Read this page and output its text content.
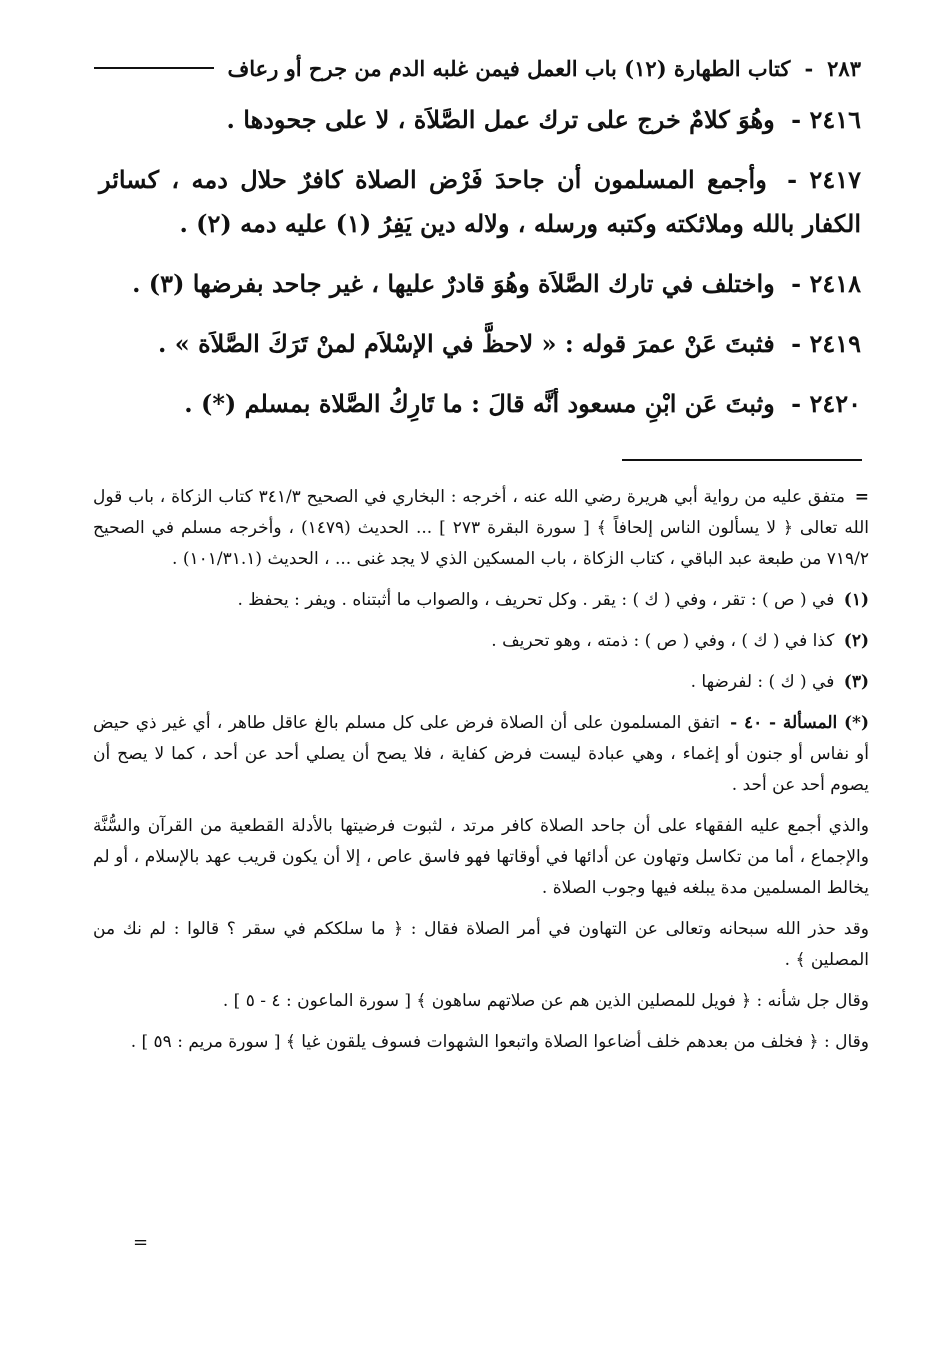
٢٨٣
-
كتاب الطهارة (١٢) باب العمل فيمن غلبه الدم من جرح أو رعاف

٢٤١٦ - وهُوَ كلامٌ خرج على ترك عمل الصَّلاَة ، لا على جحودها .

٢٤١٧ - وأجمع المسلمون أن جاحدَ فَرْض الصلاة كافرٌ حلال دمه ، كسائر الكفار بالله وملائكته وكتبه ورسله ، ولاله دين يَفِرُ (١) عليه دمه (٢) .

٢٤١٨ - واختلف في تارك الصَّلاَة وهُوَ قادرٌ عليها ، غير جاحد بفرضها (٣) .

٢٤١٩ - فثبتَ عَنْ عمرَ قوله : « لاحظَّ في الإسْلاَم لمنْ تَرَكَ الصَّلاَة » .

٢٤٢٠ - وثبتَ عَن ابْنِ مسعود أنَّه قالَ : ما تَارِكُ الصَّلاة بمسلم (*) .

= متفق عليه من رواية أبي هريرة رضي الله عنه ، أخرجه : البخاري في الصحيح ٣٤١/٣ كتاب الزكاة ، باب قول الله تعالى ﴿ لا يسألون الناس إلحافاً ﴾ [ سورة البقرة ٢٧٣ ] ... الحديث (١٤٧٩) ، وأخرجه مسلم في الصحيح ٧١٩/٢ من طبعة عبد الباقي ، كتاب الزكاة ، باب المسكين الذي لا يجد غنى ... ، الحديث (١٠١/٣١.١) .

(١) في ( ص ) : تقر ، وفي ( ك ) : يقر . وكل تحريف ، والصواب ما أثبتناه . ويفر : يحفظ .

(٢) كذا في ( ك ) ، وفي ( ص ) : ذمته ، وهو تحريف .

(٣) في ( ك ) : لفرضها .

(*) المسألة - ٤٠ - اتفق المسلمون على أن الصلاة فرض على كل مسلم بالغ عاقل طاهر ، أي غير ذي حيض أو نفاس أو جنون أو إغماء ، وهي عبادة ليست فرض كفاية ، فلا يصح أن يصلي أحد عن أحد ، كما لا يصح أن يصوم أحد عن أحد .

والذي أجمع عليه الفقهاء على أن جاحد الصلاة كافر مرتد ، لثبوت فرضيتها بالأدلة القطعية من القرآن والسُّنَّة والإجماع ، أما من تكاسل وتهاون عن أدائها في أوقاتها فهو فاسق عاص ، إلا أن يكون قريب عهد بالإسلام ، أو لم يخالط المسلمين مدة يبلغه فيها وجوب الصلاة .

وقد حذر الله سبحانه وتعالى عن التهاون في أمر الصلاة فقال : ﴿ ما سلككم في سقر ؟ قالوا : لم نك من المصلين ﴾ .

وقال جل شأنه : ﴿ فويل للمصلين الذين هم عن صلاتهم ساهون ﴾ [ سورة الماعون : ٤ - ٥ ] .

وقال : ﴿ فخلف من بعدهم خلف أضاعوا الصلاة واتبعوا الشهوات فسوف يلقون غيا ﴾ [ سورة مريم : ٥٩ ] .

=
